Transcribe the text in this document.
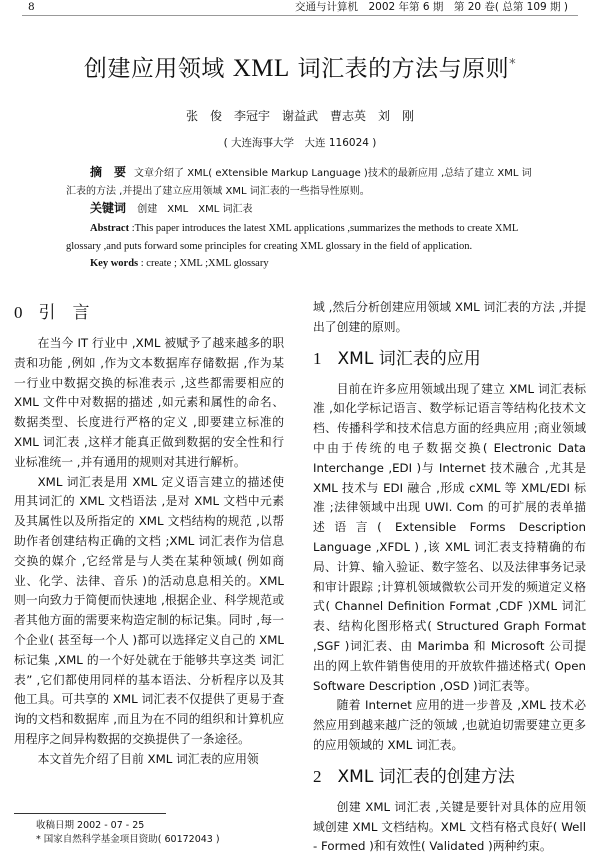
8	交通与计算机　2002 年第 6 期　第 20 卷( 总第 109 期 )
创建应用领域 XML 词汇表的方法与原则*
张　俊　李冠宇　谢益武　曹志英　刘　刚
( 大连海事大学　大连 116024 )
摘　要 文章介绍了 XML( eXtensible Markup Language )技术的最新应用 ,总结了建立 XML 词汇表的方法 ,并提出了建立应用领域 XML 词汇表的一些指导性原则。
关键词 创建　XML　XML 词汇表
Abstract :This paper introduces the latest XML applications ,summarizes the methods to create XML glossary ,and puts forward some principles for creating XML glossary in the field of application.
Key words : create ; XML ;XML glossary
0 引　言

在当今 IT 行业中 ,XML 被赋予了越来越多的职责和功能 ,例如 ,作为文本数据库存储数据 ,作为某一行业中数据交换的标准表示 ,这些都需要相应的 XML 文件中对数据的描述 ,如元素和属性的命名、数据类型、长度进行严格的定义 ,即要建立标准的 XML 词汇表 ,这样才能真正做到数据的安全性和行业标准统一 ,并有通用的规则对其进行解析。

XML 词汇表是用 XML 定义语言建立的描述使用其词汇的 XML 文档语法 ,是对 XML 文档中元素及其属性以及所指定的 XML 文档结构的规范 ,以帮助作者创建结构正确的文档 ;XML 词汇表作为信息交换的媒介 ,它经常是与人类在某种领域( 例如商业、化学、法律、音乐 )的活动息息相关的。XML 则一向致力于简便而快速地 ,根据企业、科学规范或者其他方面的需要来构造定制的标记集。同时 ,每一个企业( 甚至每一个人 )都可以选择定义自己的 XML 标记集 ,XML 的一个好处就在于能够共享这类 词汇表” ,它们都使用同样的基本语法、分析程序以及其他工具。可共享的 XML 词汇表不仅提供了更易于查询的文档和数据库 ,而且为在不同的组织和计算机应用程序之间异构数据的交换提供了一条途径。

本文首先介绍了目前 XML 词汇表的应用领

域 ,然后分析创建应用领域 XML 词汇表的方法 ,并提出了创建的原则。

1 XML 词汇表的应用

目前在许多应用领域出现了建立 XML 词汇表标准 ,如化学标记语言、数学标记语言等结构化技术文档、传播科学和技术信息方面的经典应用 ;商业领域中由于传统的电子数据交换( Electronic Data Interchange ,EDI )与 Internet 技术融合 ,尤其是 XML 技术与 EDI 融合 ,形成 cXML 等 XML/EDI 标准 ;法律领域中出现 UWI. Com 的可扩展的表单描述语言( Extensible Forms Description Language ,XFDL ) ,该 XML 词汇表支持精确的布局、计算、输入验证、数字签名、以及法律事务记录和审计跟踪 ;计算机领域微软公司开发的频道定义格式( Channel Definition Format ,CDF )XML 词汇表、结构化图形格式( Structured Graph Format ,SGF )词汇表、由 Marimba 和 Microsoft 公司提出的网上软件销售使用的开放软件描述格式( Open Software Description ,OSD )词汇表等。

随着 Internet 应用的进一步普及 ,XML 技术必然应用到越来越广泛的领域 ,也就迫切需要建立更多的应用领域的 XML 词汇表。

2 XML 词汇表的创建方法

创建 XML 词汇表 ,关键是要针对具体的应用领域创建 XML 文档结构。XML 文档有格式良好( Well - Formed )和有效性( Validated )两种约束。

收稿日期 2002 - 07 - 25
* 国家自然科学基金项目资助( 60172043 )
